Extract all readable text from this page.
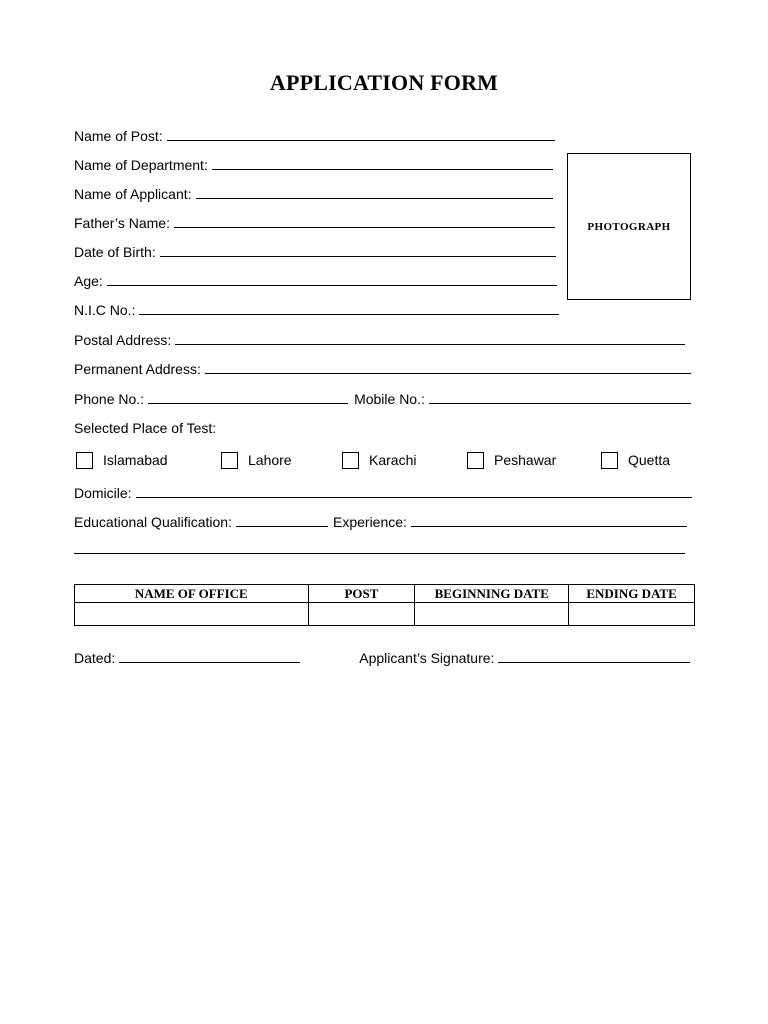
APPLICATION FORM
Name of Post:
Name of Department:
Name of Applicant:
Father’s Name:
Date of Birth:
Age:
N.I.C No.:
PHOTOGRAPH
Postal Address:
Permanent Address:
Phone No.:	Mobile No.:
Selected Place of Test:
Islamabad	Lahore	Karachi	Peshawar	Quetta
Domicile:
Educational Qualification:	Experience:
NAME OF OFFICE	POST	BEGINNING DATE	ENDING DATE

Dated:	Applicant’s Signature:
